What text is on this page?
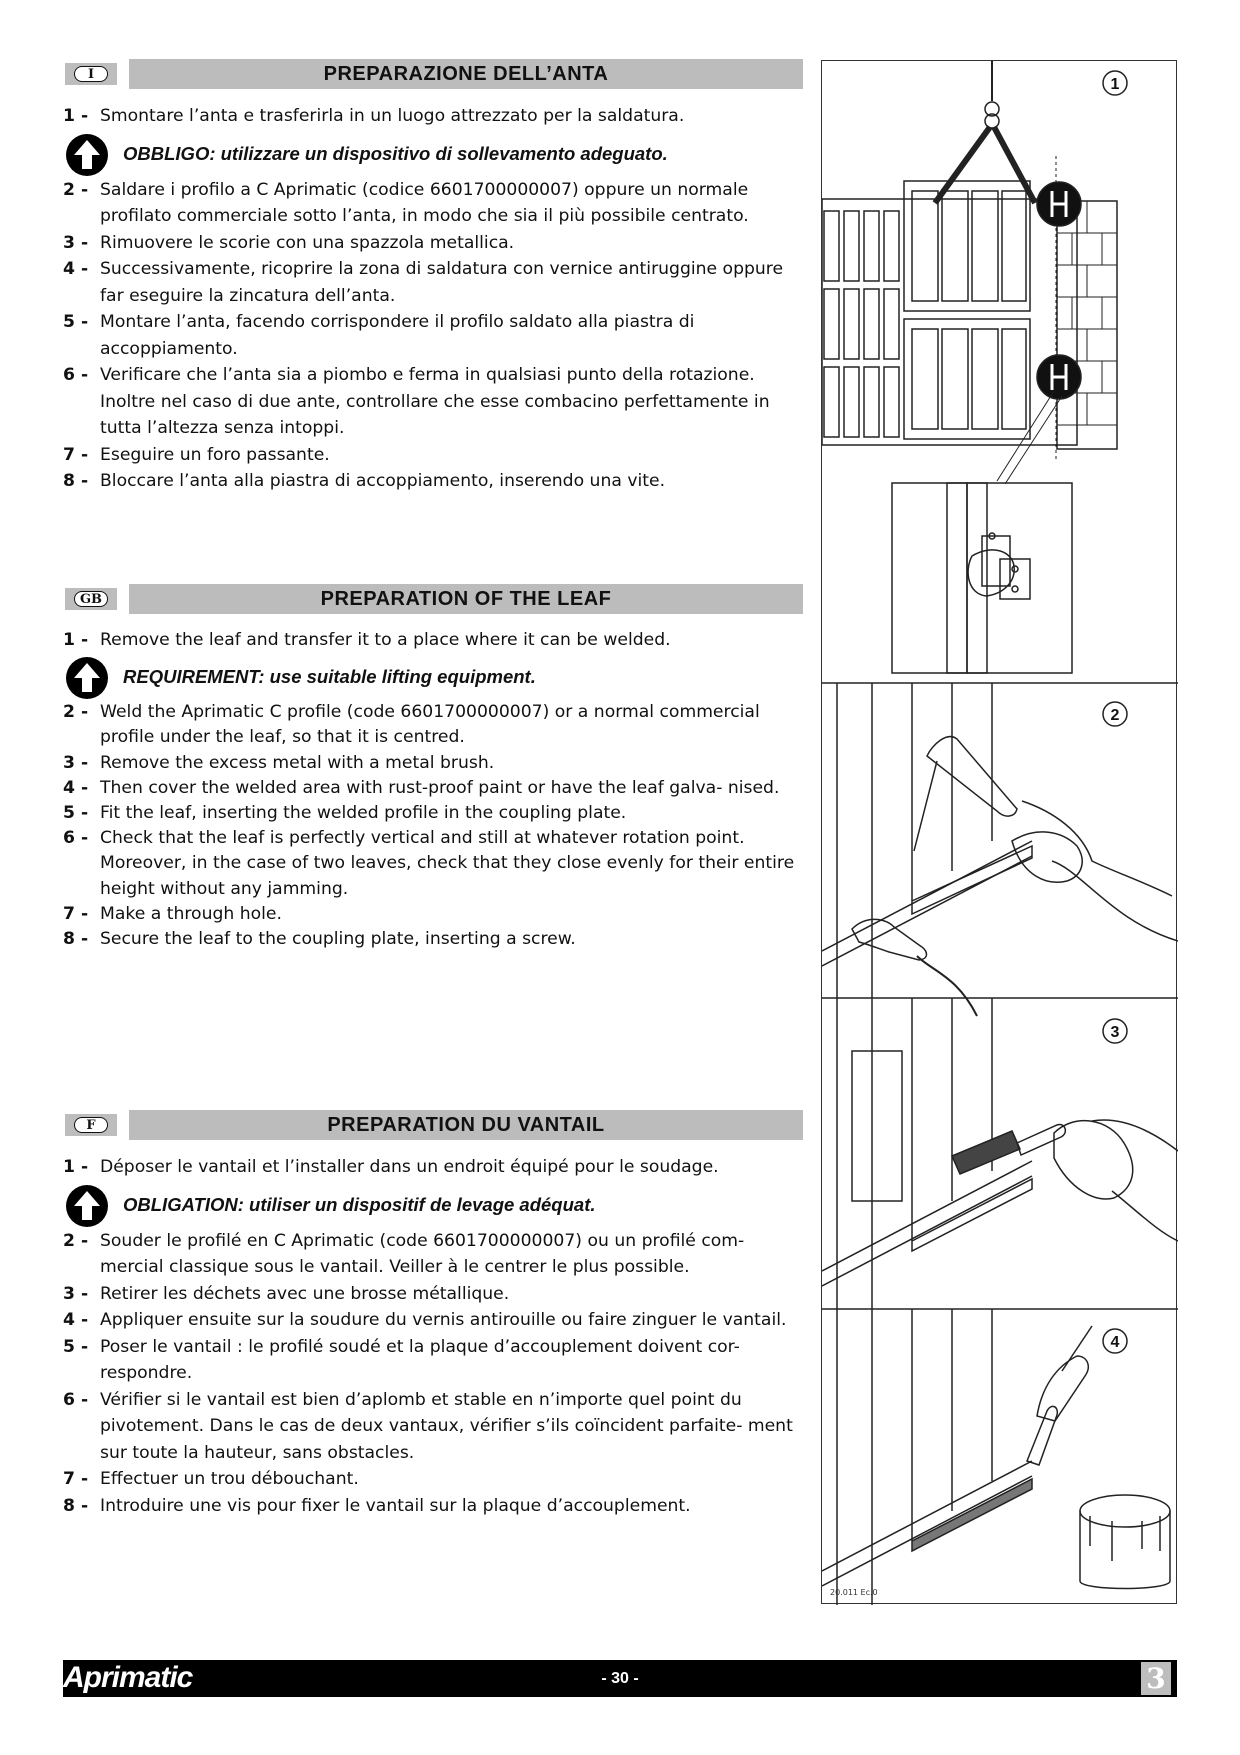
I	PREPARAZIONE DELL’ANTA
1 - Smontare l’anta e trasferirla in un luogo attrezzato per la saldatura.
OBBLIGO: utilizzare un dispositivo di sollevamento adeguato.
2 - Saldare i profilo a C Aprimatic (codice 6601700000007) oppure un normale profilato commerciale sotto l’anta, in modo che sia il più possibile centrato.
3 - Rimuovere le scorie con una spazzola metallica.
4 - Successivamente, ricoprire la zona di saldatura con vernice antiruggine oppure far eseguire la zincatura dell’anta.
5 - Montare l’anta, facendo corrispondere il profilo saldato alla piastra di accoppiamento.
6 - Verificare che l’anta sia a piombo e ferma in qualsiasi punto della rotazione. Inoltre nel caso di due ante, controllare che esse combacino perfettamente in tutta l’altezza senza intoppi.
7 - Eseguire un foro passante.
8 - Bloccare l’anta alla piastra di accoppiamento, inserendo una vite.
GB	PREPARATION OF THE LEAF
1 - Remove the leaf and transfer it to a place where it can be welded.
REQUIREMENT: use suitable lifting equipment.
2 - Weld the Aprimatic C profile (code 6601700000007) or a normal commercial profile under the leaf, so that it is centred.
3 - Remove the excess metal with a metal brush.
4 - Then cover the welded area with rust-proof paint or have the leaf galva- nised.
5 - Fit the leaf, inserting the welded profile in the coupling plate.
6 - Check that the leaf is perfectly vertical and still at whatever rotation point. Moreover, in the case of two leaves, check that they close evenly for their entire height without any jamming.
7 - Make a through hole.
8 - Secure the leaf to the coupling plate, inserting a screw.
F	PREPARATION DU VANTAIL
1 - Déposer le vantail et l’installer dans un endroit équipé pour le soudage.
OBLIGATION: utiliser un dispositif de levage adéquat.
2 - Souder le profilé en C Aprimatic (code 6601700000007) ou un profilé com- mercial classique sous le vantail. Veiller à le centrer le plus possible.
3 - Retirer les déchets avec une brosse métallique.
4 - Appliquer ensuite sur la soudure du vernis antirouille ou faire zinguer le vantail.
5 - Poser le vantail : le profilé soudé et la plaque d’accouplement doivent cor- respondre.
6 - Vérifier si le vantail est bien d’aplomb et stable en n’importe quel point du pivotement. Dans le cas de deux vantaux, vérifier s’ils coïncident parfaite- ment sur toute la hauteur, sans obstacles.
7 - Effectuer un trou débouchant.
8 - Introduire une vis pour fixer le vantail sur la plaque d’accouplement.
1
2
3
4
20.011 Ec.0
Aprimatic	- 30 -	3
